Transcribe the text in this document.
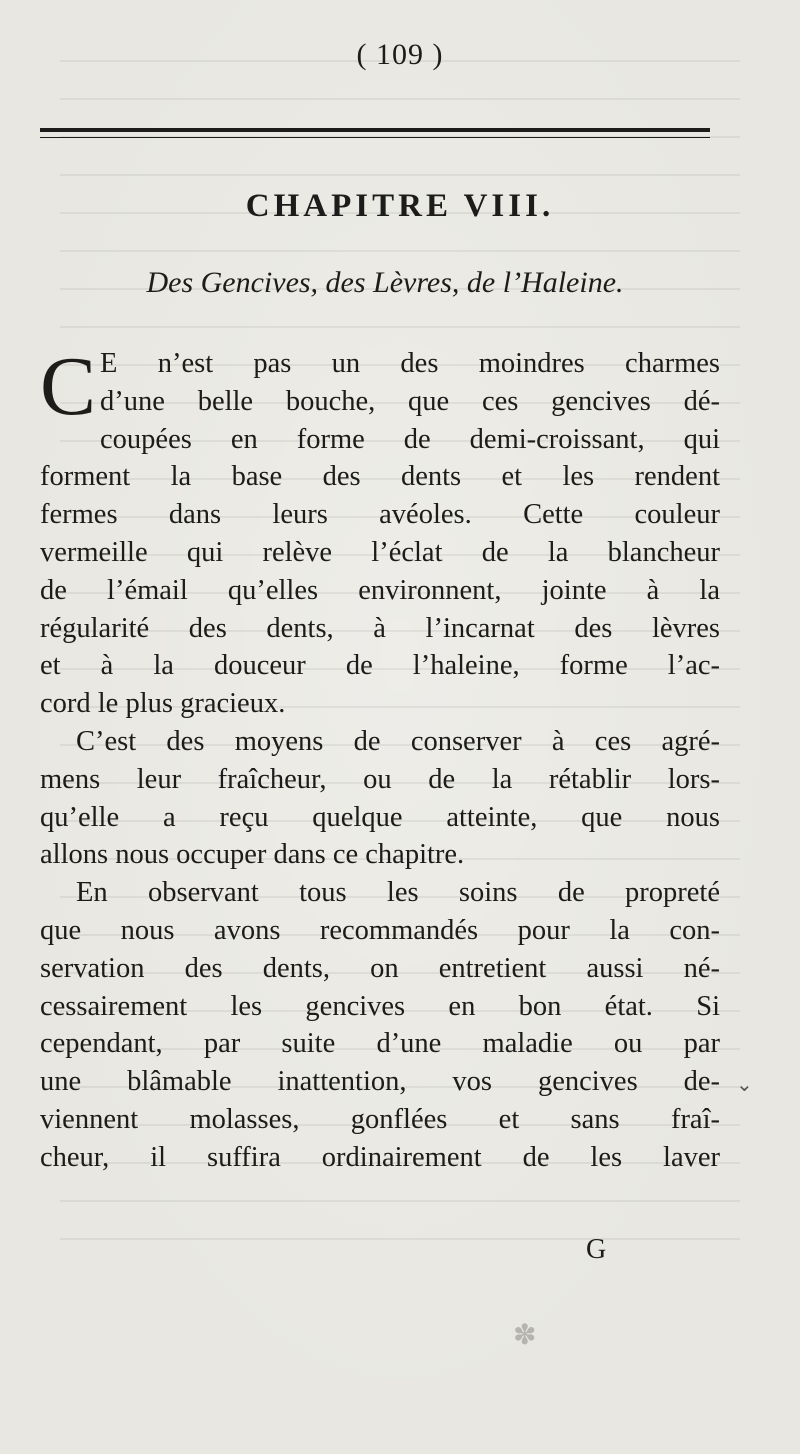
( 109 )
CHAPITRE VIII.
Des Gencives, des Lèvres, de l’Haleine.
C E n’est pas un des moindres charmes
d’une belle bouche, que ces gencives dé-
coupées en forme de demi-croissant, qui
forment la base des dents et les rendent
fermes dans leurs avéoles. Cette couleur
vermeille qui relève l’éclat de la blancheur
de l’émail qu’elles environnent, jointe à la
régularité des dents, à l’incarnat des lèvres
et à la douceur de l’haleine, forme l’ac-
cord le plus gracieux.
C’est des moyens de conserver à ces agré-
mens leur fraîcheur, ou de la rétablir lors-
qu’elle a reçu quelque atteinte, que nous
allons nous occuper dans ce chapitre.
En observant tous les soins de propreté
que nous avons recommandés pour la con-
servation des dents, on entretient aussi né-
cessairement les gencives en bon état. Si
cependant, par suite d’une maladie ou par
une blâmable inattention, vos gencives de-
viennent molasses, gonflées et sans fraî-
cheur, il suffira ordinairement de les laver
G
✽
⌄
